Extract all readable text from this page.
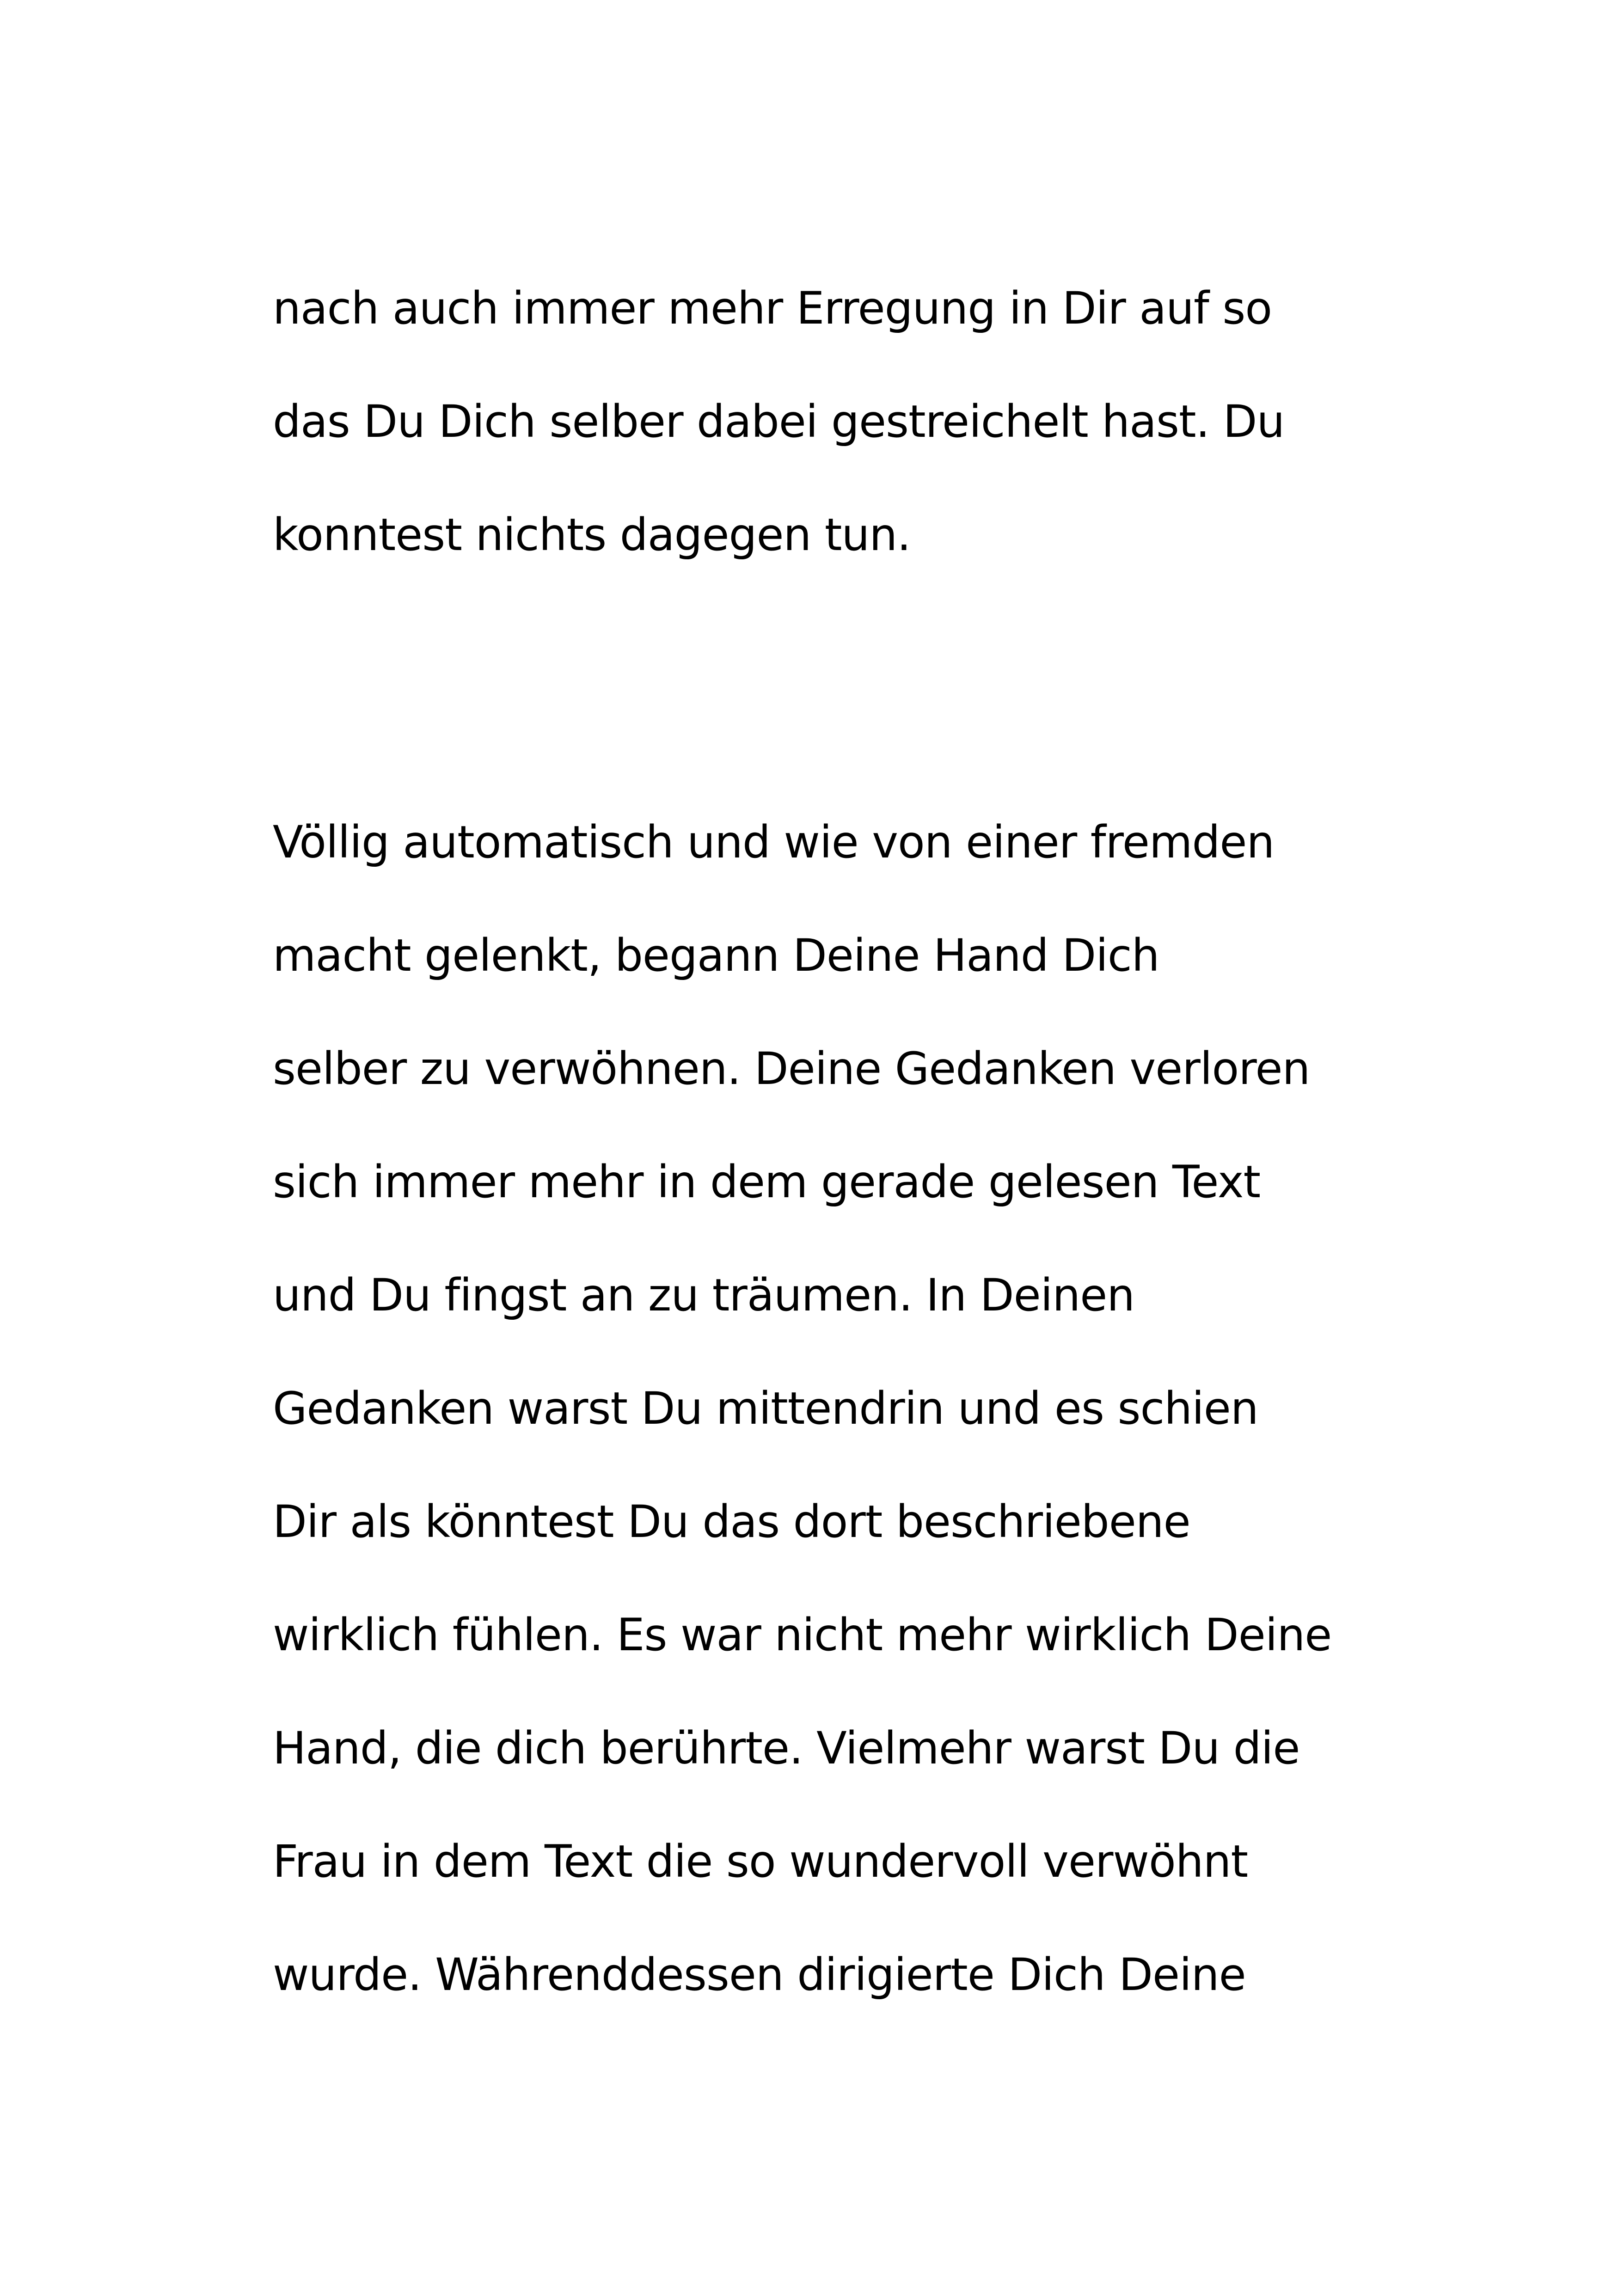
nach auch immer mehr Erregung in Dir auf so
das Du Dich selber dabei gestreichelt hast. Du
konntest nichts dagegen tun.
Völlig automatisch und wie von einer fremden
macht gelenkt, begann Deine Hand Dich
selber zu verwöhnen. Deine Gedanken verloren
sich immer mehr in dem gerade gelesen Text
und Du fingst an zu träumen. In Deinen
Gedanken warst Du mittendrin und es schien
Dir als könntest Du das dort beschriebene
wirklich fühlen. Es war nicht mehr wirklich Deine
Hand, die dich berührte. Vielmehr warst Du die
Frau in dem Text die so wundervoll verwöhnt
wurde. Währenddessen dirigierte Dich Deine
